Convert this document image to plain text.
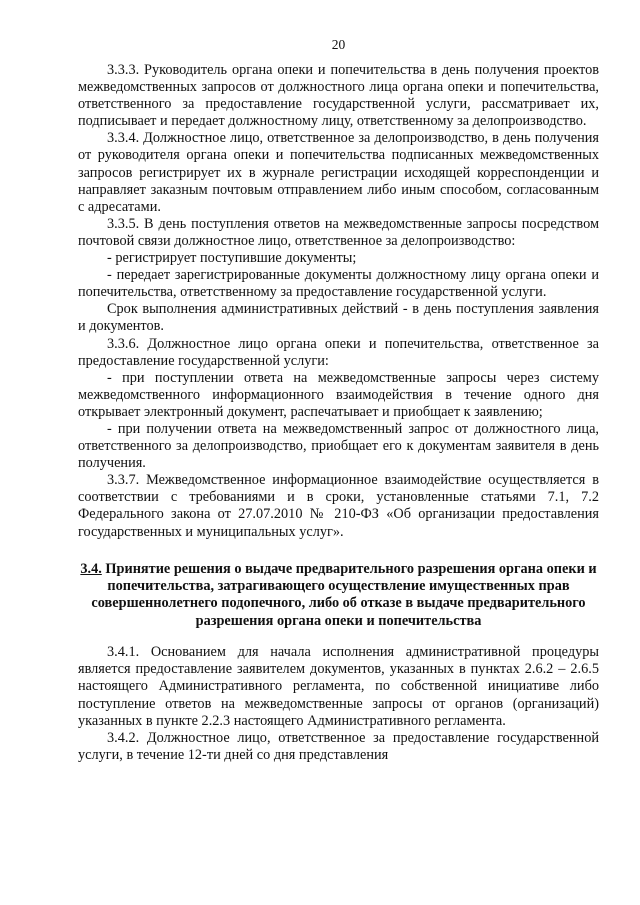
20

3.3.3. Руководитель органа опеки и попечительства в день получения проектов межведомственных запросов от должностного лица органа опеки и попечительства, ответственного за предоставление государственной услуги, рассматривает их, подписывает и передает должностному лицу, ответственному за делопроизводство.

3.3.4. Должностное лицо, ответственное за делопроизводство, в день получения от руководителя органа опеки и попечительства подписанных межведомственных запросов регистрирует их в журнале регистрации исходящей корреспонденции и направляет заказным почтовым отправлением либо иным способом, согласованным с адресатами.

3.3.5. В день поступления ответов на межведомственные запросы посредством почтовой связи должностное лицо, ответственное за делопроизводство:

- регистрирует поступившие документы;

- передает зарегистрированные документы должностному лицу органа опеки и попечительства, ответственному за предоставление государственной услуги.

Срок выполнения административных действий - в день поступления заявления и документов.

3.3.6. Должностное лицо органа опеки и попечительства, ответственное за предоставление государственной услуги:

- при поступлении ответа на межведомственные запросы через систему межведомственного информационного взаимодействия в течение одного дня открывает электронный документ, распечатывает и приобщает к заявлению;

- при получении ответа на межведомственный запрос от должностного лица, ответственного за делопроизводство, приобщает его к документам заявителя в день получения.

3.3.7. Межведомственное информационное взаимодействие осуществляется в соответствии с требованиями и в сроки, установленные статьями 7.1, 7.2 Федерального закона от 27.07.2010 № 210-ФЗ «Об организации предоставления государственных и муниципальных услуг».

3.4. Принятие решения о выдаче предварительного разрешения органа опеки и попечительства, затрагивающего осуществление имущественных прав совершеннолетнего подопечного, либо об отказе в выдаче предварительного разрешения органа опеки и попечительства

3.4.1. Основанием для начала исполнения административной процедуры является предоставление заявителем документов, указанных в пунктах 2.6.2 – 2.6.5 настоящего Административного регламента, по собственной инициативе либо поступление ответов на межведомственные запросы от органов (организаций) указанных в пункте 2.2.3 настоящего Административного регламента.

3.4.2. Должностное лицо, ответственное за предоставление государственной услуги, в течение 12-ти дней со дня представления
